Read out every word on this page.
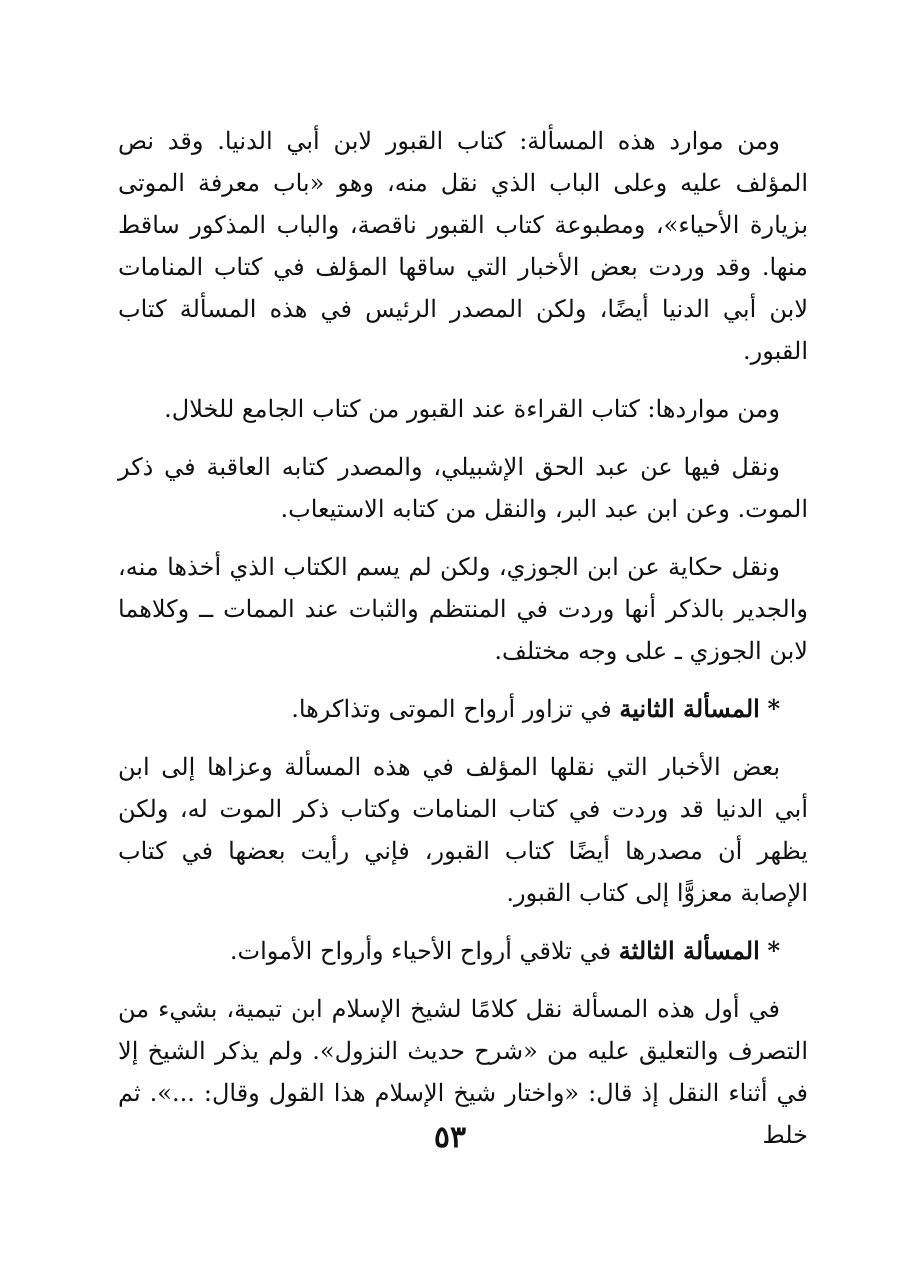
ومن موارد هذه المسألة: كتاب القبور لابن أبي الدنيا. وقد نص المؤلف عليه وعلى الباب الذي نقل منه، وهو «باب معرفة الموتى بزيارة الأحياء»، ومطبوعة كتاب القبور ناقصة، والباب المذكور ساقط منها. وقد وردت بعض الأخبار التي ساقها المؤلف في كتاب المنامات لابن أبي الدنيا أيضًا، ولكن المصدر الرئيس في هذه المسألة كتاب القبور.

ومن مواردها: كتاب القراءة عند القبور من كتاب الجامع للخلال.

ونقل فيها عن عبد الحق الإشبيلي، والمصدر كتابه العاقبة في ذكر الموت. وعن ابن عبد البر، والنقل من كتابه الاستيعاب.

ونقل حكاية عن ابن الجوزي، ولكن لم يسم الكتاب الذي أخذها منه، والجدير بالذكر أنها وردت في المنتظم والثبات عند الممات ــ وكلاهما لابن الجوزي ـ على وجه مختلف.

* المسألة الثانية في تزاور أرواح الموتى وتذاكرها.

بعض الأخبار التي نقلها المؤلف في هذه المسألة وعزاها إلى ابن أبي الدنيا قد وردت في كتاب المنامات وكتاب ذكر الموت له، ولكن يظهر أن مصدرها أيضًا كتاب القبور، فإني رأيت بعضها في كتاب الإصابة معزوًّا إلى كتاب القبور.

* المسألة الثالثة في تلاقي أرواح الأحياء وأرواح الأموات.

في أول هذه المسألة نقل كلامًا لشيخ الإسلام ابن تيمية، بشيء من التصرف والتعليق عليه من «شرح حديث النزول». ولم يذكر الشيخ إلا في أثناء النقل إذ قال: «واختار شيخ الإسلام هذا القول وقال: ...». ثم خلط

٥٣
